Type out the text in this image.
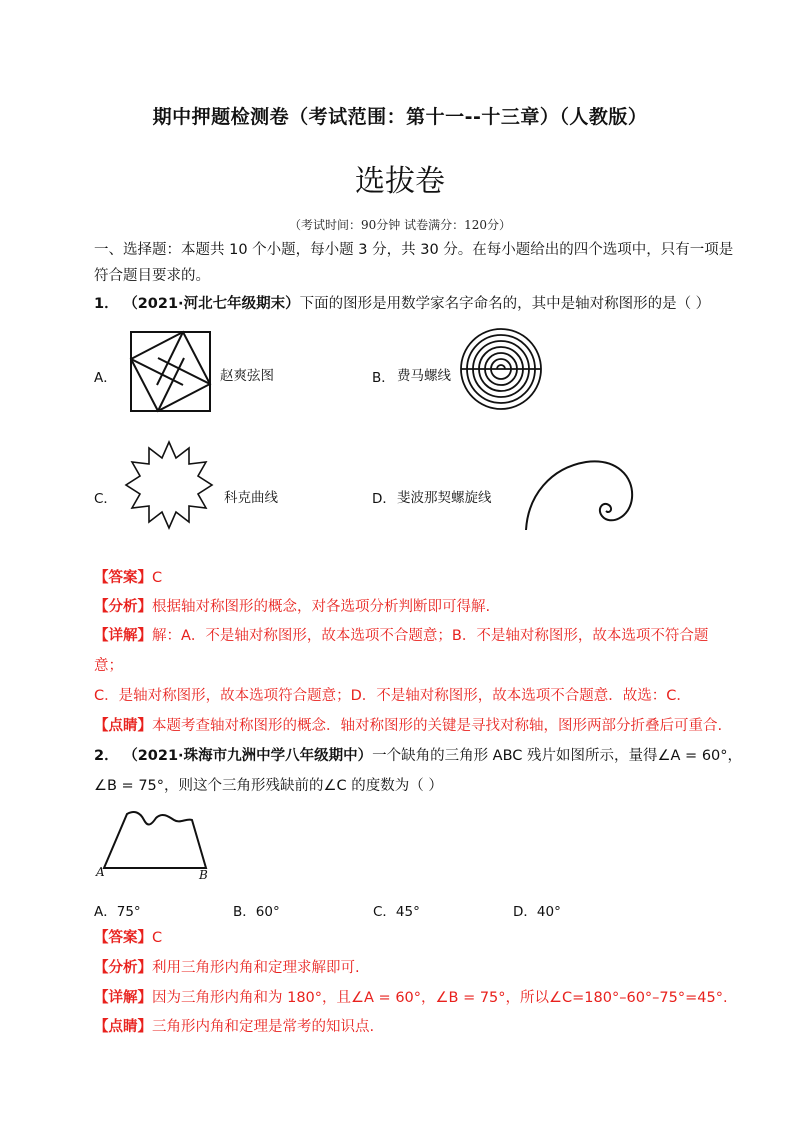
期中押题检测卷（考试范围：第十一--十三章）（人教版）
选拔卷
（考试时间：90分钟 试卷满分：120分）
一、选择题：本题共 10 个小题，每小题 3 分，共 30 分。在每小题给出的四个选项中，只有一项是
符合题目要求的。
1． （2021·河北七年级期末）下面的图形是用数学家名字命名的，其中是轴对称图形的是（ ）
A．	赵爽弦图	B． 费马螺线
C．	科克曲线	D． 斐波那契螺旋线
【答案】C
【分析】根据轴对称图形的概念，对各选项分析判断即可得解.
【详解】解：A．不是轴对称图形，故本选项不合题意；B．不是轴对称图形，故本选项不符合题
意；
C．是轴对称图形，故本选项符合题意；D．不是轴对称图形，故本选项不合题意．故选：C．
【点睛】本题考查轴对称图形的概念．轴对称图形的关键是寻找对称轴，图形两部分折叠后可重合.
2． （2021·珠海市九洲中学八年级期中）一个缺角的三角形 ABC 残片如图所示，量得∠A = 60°，
∠B = 75°，则这个三角形残缺前的∠C 的度数为（ ）
A	B
A．75°	B．60°	C．45°	D．40°
【答案】C
【分析】利用三角形内角和定理求解即可.
【详解】因为三角形内角和为 180°，且∠A = 60°，∠B = 75°，所以∠C=180°–60°–75°=45°.
【点睛】三角形内角和定理是常考的知识点.
